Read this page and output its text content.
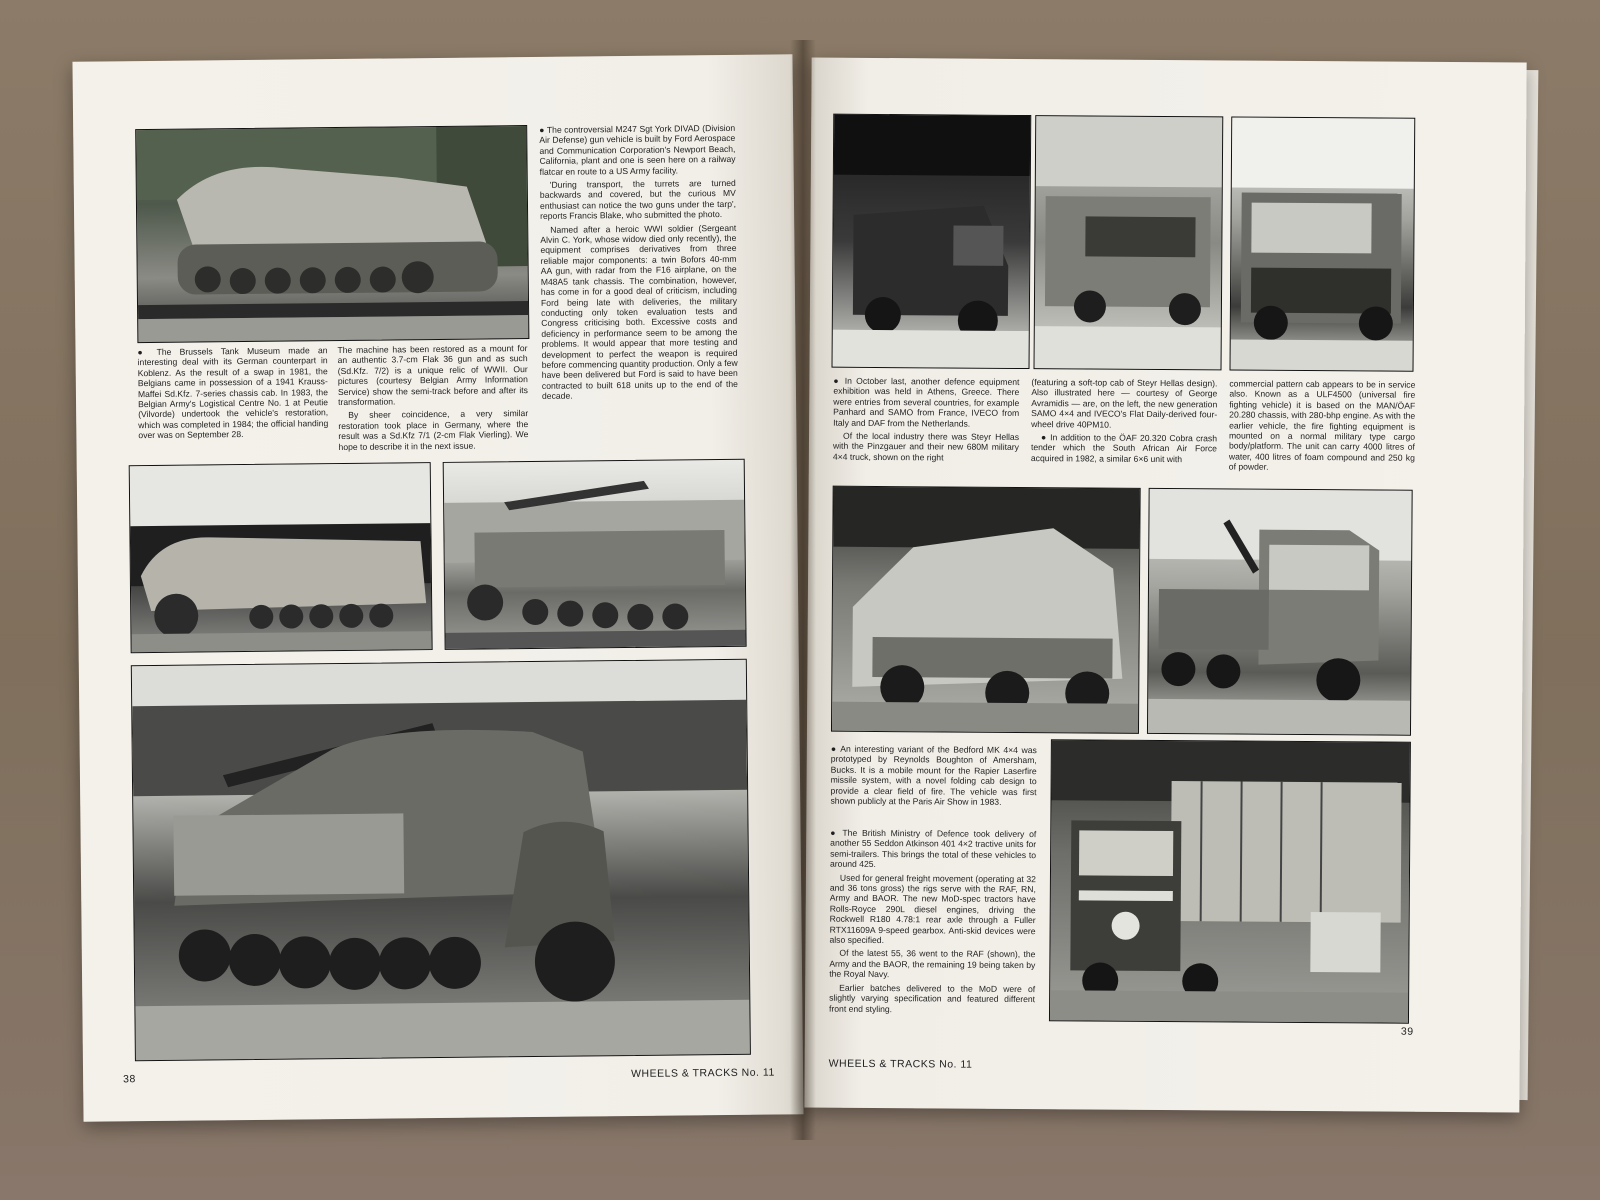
● The Brussels Tank Museum made an interesting deal with its German counterpart in Koblenz. As the result of a swap in 1981, the Belgians came in possession of a 1941 Krauss-Maffei Sd.Kfz. 7-series chassis cab. In 1983, the Belgian Army's Logistical Centre No. 1 at Peutie (Vilvorde) undertook the vehicle's restoration, which was completed in 1984; the official handing over was on September 28.

The machine has been restored as a mount for an authentic 3.7-cm Flak 36 gun and as such (Sd.Kfz. 7/2) is a unique relic of WWII. Our pictures (courtesy Belgian Army Information Service) show the semi-track before and after its transformation.

By sheer coincidence, a very similar restoration took place in Germany, where the result was a Sd.Kfz 7/1 (2-cm Flak Vierling). We hope to describe it in the next issue.

● The controversial M247 Sgt York DIVAD (Division Air Defense) gun vehicle is built by Ford Aerospace and Communication Corporation's Newport Beach, California, plant and one is seen here on a railway flatcar en route to a US Army facility.

'During transport, the turrets are turned backwards and covered, but the curious MV enthusiast can notice the two guns under the tarp', reports Francis Blake, who submitted the photo.

Named after a heroic WWI soldier (Sergeant Alvin C. York, whose widow died only recently), the equipment comprises derivatives from three reliable major components: a twin Bofors 40-mm AA gun, with radar from the F16 airplane, on the M48A5 tank chassis. The combination, however, has come in for a good deal of criticism, including Ford being late with deliveries, the military conducting only token evaluation tests and Congress criticising both. Excessive costs and deficiency in performance seem to be among the problems. It would appear that more testing and development to perfect the weapon is required before commencing quantity production. Only a few have been delivered but Ford is said to have been contracted to built 618 units up to the end of the decade.

38	WHEELS & TRACKS No. 11

● In October last, another defence equipment exhibition was held in Athens, Greece. There were entries from several countries, for example Panhard and SAMO from France, IVECO from Italy and DAF from the Netherlands.

Of the local industry there was Steyr Hellas with the Pinzgauer and their new 680M military 4×4 truck, shown on the right

(featuring a soft-top cab of Steyr Hellas design). Also illustrated here — courtesy of George Avramidis — are, on the left, the new generation SAMO 4×4 and IVECO's Flat Daily-derived four-wheel drive 40PM10.

● In addition to the ÖAF 20.320 Cobra crash tender which the South African Air Force acquired in 1982, a similar 6×6 unit with

commercial pattern cab appears to be in service also. Known as a ULF4500 (universal fire fighting vehicle) it is based on the MAN/ÖAF 20.280 chassis, with 280-bhp engine. As with the earlier vehicle, the fire fighting equipment is mounted on a normal military type cargo body/platform. The unit can carry 4000 litres of water, 400 litres of foam compound and 250 kg of powder.

● An interesting variant of the Bedford MK 4×4 was prototyped by Reynolds Boughton of Amersham, Bucks. It is a mobile mount for the Rapier Laserfire missile system, with a novel folding cab design to provide a clear field of fire. The vehicle was first shown publicly at the Paris Air Show in 1983.

● The British Ministry of Defence took delivery of another 55 Seddon Atkinson 401 4×2 tractive units for semi-trailers. This brings the total of these vehicles to around 425.

Used for general freight movement (operating at 32 and 36 tons gross) the rigs serve with the RAF, RN, Army and BAOR. The new MoD-spec tractors have Rolls-Royce 290L diesel engines, driving the Rockwell R180 4.78:1 rear axle through a Fuller RTX11609A 9-speed gearbox. Anti-skid devices were also specified.

Of the latest 55, 36 went to the RAF (shown), the Army and the BAOR, the remaining 19 being taken by the Royal Navy.

Earlier batches delivered to the MoD were of slightly varying specification and featured different front end styling.

39
WHEELS & TRACKS No. 11
